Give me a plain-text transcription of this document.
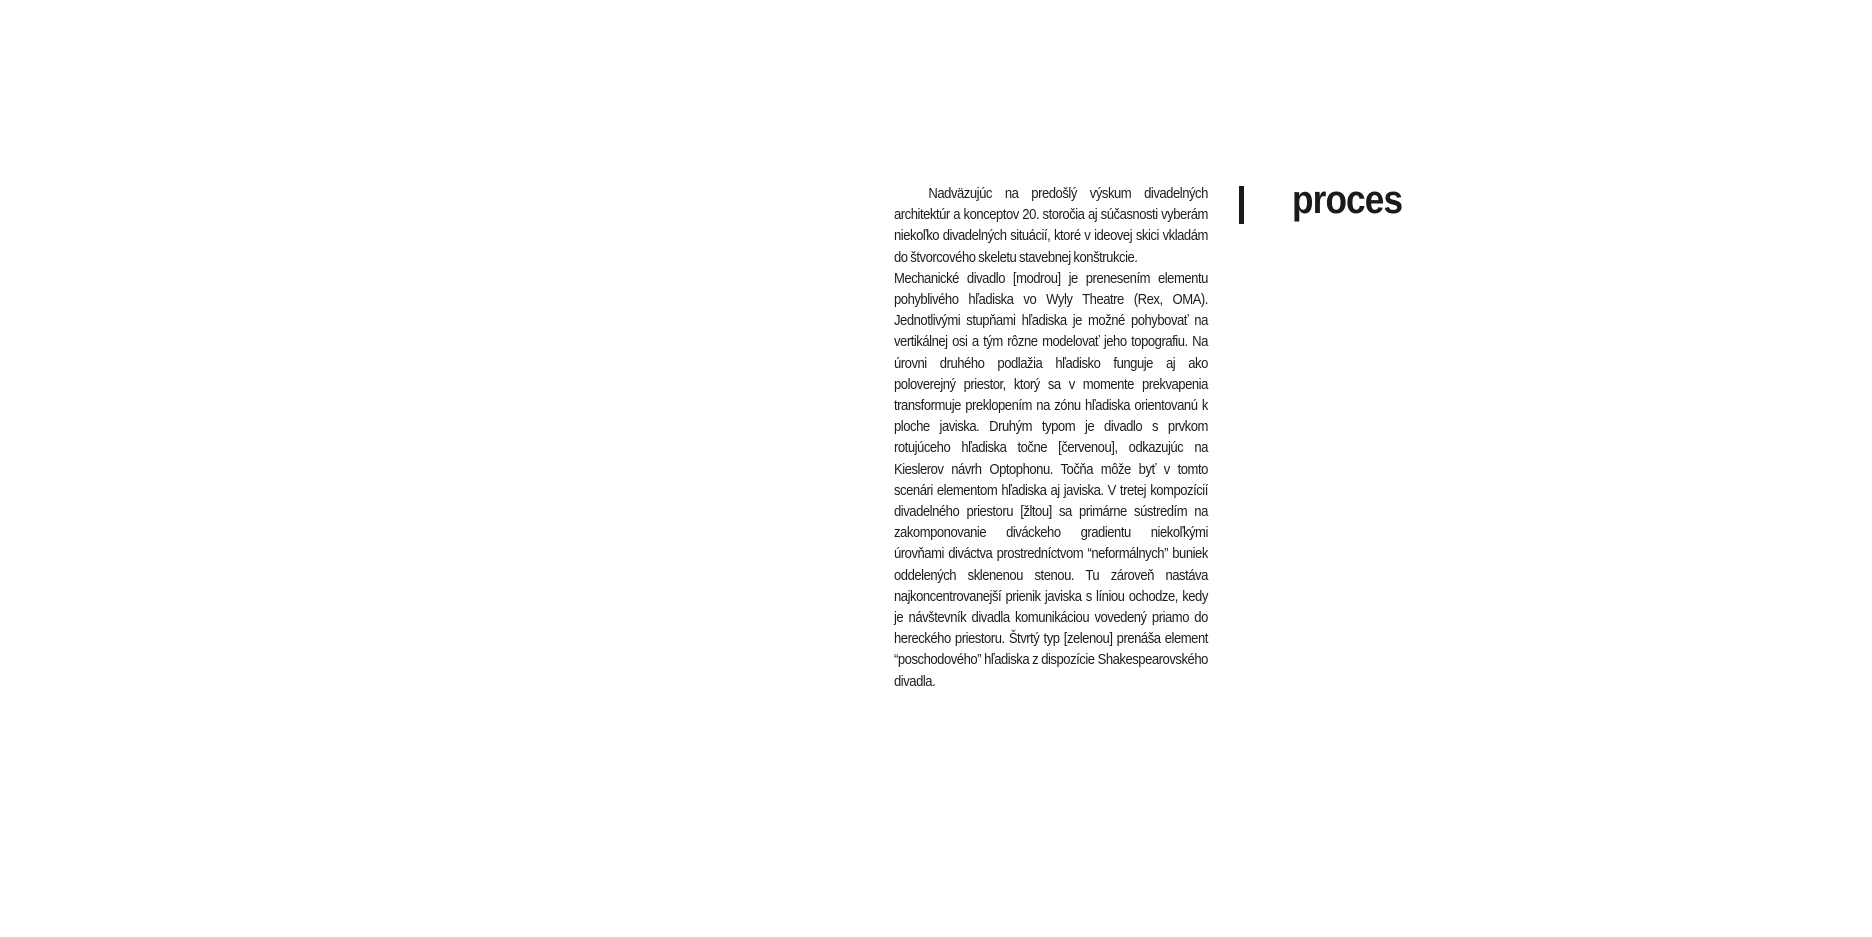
Nadväzujúc na predošlý výskum divadelných architektúr a konceptov 20. storočia aj súčasnosti vyberám niekoľko divadelných situácií, ktoré v ideovej skici vkladám do štvorcového skeletu stavebnej konštrukcie.

Mechanické divadlo [modrou] je prenesením elementu pohyblivého hľadiska vo Wyly Theatre (Rex, OMA). Jednotlivými stupňami hľadiska je možné pohybovať na vertikálnej osi a tým rôzne modelovať jeho topografiu. Na úrovni druhého podlažia hľadisko funguje aj ako poloverejný priestor, ktorý sa v momente prekvapenia transformuje preklopením na zónu hľadiska orientovanú k ploche javiska. Druhým typom je divadlo s prvkom rotujúceho hľadiska točne [červenou], odkazujúc na Kieslerov návrh Optophonu. Točňa môže byť v tomto scenári elementom hľadiska aj javiska. V tretej kompozícií divadelného priestoru [žltou] sa primárne sústredím na zakomponovanie diváckeho gradientu niekoľkými úrovňami diváctva prostredníctvom “neformálnych” buniek oddelených sklenenou stenou. Tu zároveň nastáva najkoncentrovanejší prienik javiska s líniou ochodze, kedy je návštevník divadla komunikáciou vovedený priamo do hereckého priestoru. Štvrtý typ [zelenou] prenáša element “poschodového” hľadiska z dispozície Shakespearovského divadla.

proces
